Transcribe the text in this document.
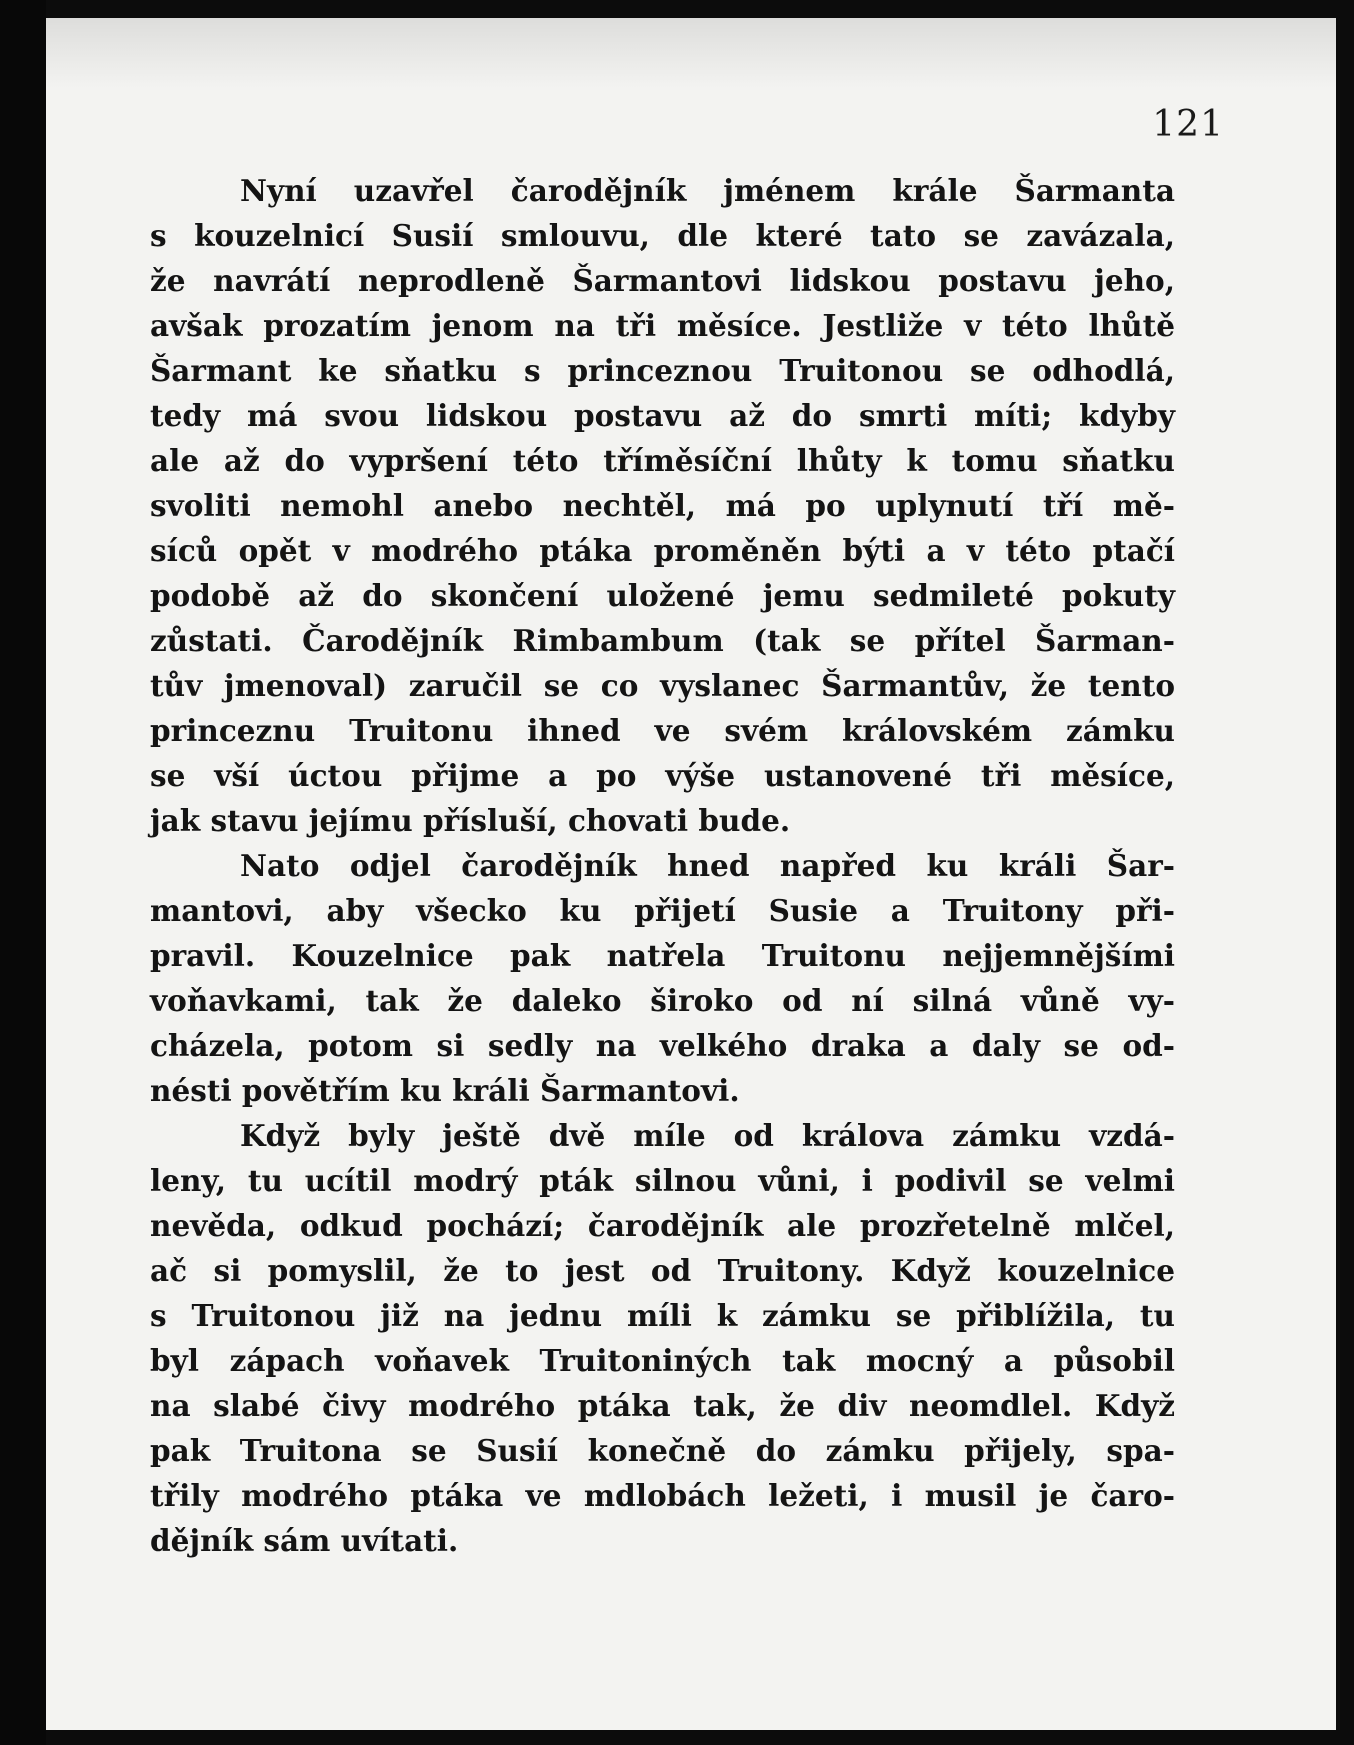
121
Nyní uzavřel čarodějník jménem krále Šarmanta
s kouzelnicí Susií smlouvu, dle které tato se zavázala,
že navrátí neprodleně Šarmantovi lidskou postavu jeho,
avšak prozatím jenom na tři měsíce. Jestliže v této lhůtě
Šarmant ke sňatku s princeznou Truitonou se odhodlá,
tedy má svou lidskou postavu až do smrti míti; kdyby
ale až do vypršení této tříměsíční lhůty k tomu sňatku
svoliti nemohl anebo nechtěl, má po uplynutí tří mě-
síců opět v modrého ptáka proměněn býti a v této ptačí
podobě až do skončení uložené jemu sedmileté pokuty
zůstati. Čarodějník Rimbambum (tak se přítel Šarman-
tův jmenoval) zaručil se co vyslanec Šarmantův, že tento
princeznu Truitonu ihned ve svém královském zámku
se vší úctou přijme a po výše ustanovené tři měsíce,
jak stavu jejímu přísluší, chovati bude.
Nato odjel čarodějník hned napřed ku králi Šar-
mantovi, aby všecko ku přijetí Susie a Truitony při-
pravil. Kouzelnice pak natřela Truitonu nejjemnějšími
voňavkami, tak že daleko široko od ní silná vůně vy-
cházela, potom si sedly na velkého draka a daly se od-
nésti povětřím ku králi Šarmantovi.
Když byly ještě dvě míle od králova zámku vzdá-
leny, tu ucítil modrý pták silnou vůni, i podivil se velmi
nevěda, odkud pochází; čarodějník ale prozřetelně mlčel,
ač si pomyslil, že to jest od Truitony. Když kouzelnice
s Truitonou již na jednu míli k zámku se přiblížila, tu
byl zápach voňavek Truitoniných tak mocný a působil
na slabé čivy modrého ptáka tak, že div neomdlel. Když
pak Truitona se Susií konečně do zámku přijely, spa-
třily modrého ptáka ve mdlobách ležeti, i musil je čaro-
dějník sám uvítati.
